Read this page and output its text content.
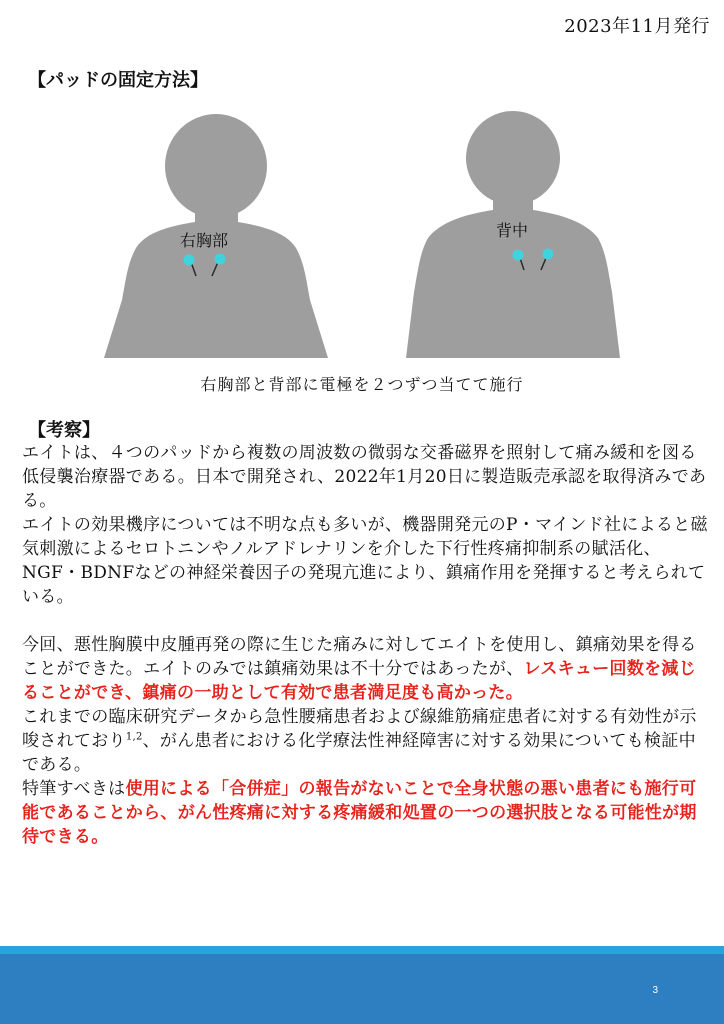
2023年11月発行
【パッドの固定方法】
右胸部
背中
右胸部と背部に電極を２つずつ当てて施行
【考察】

エイトは、４つのパッドから複数の周波数の微弱な交番磁界を照射して痛み緩和を図る低侵襲治療器である。日本で開発され、2022年1月20日に製造販売承認を取得済みである。

エイトの効果機序については不明な点も多いが、機器開発元のP・マインド社によると磁気刺激によるセロトニンやノルアドレナリンを介した下行性疼痛抑制系の賦活化、NGF・BDNFなどの神経栄養因子の発現亢進により、鎮痛作用を発揮すると考えられている。

今回、悪性胸膜中皮腫再発の際に生じた痛みに対してエイトを使用し、鎮痛効果を得ることができた。エイトのみでは鎮痛効果は不十分ではあったが、レスキュー回数を減じることができ、鎮痛の一助として有効で患者満足度も高かった。

これまでの臨床研究データから急性腰痛患者および線維筋痛症患者に対する有効性が示唆されており$^{1,2}$、がん患者における化学療法性神経障害に対する効果についても検証中である。

特筆すべきは使用による「合併症」の報告がないことで全身状態の悪い患者にも施行可能であることから、がん性疼痛に対する疼痛緩和処置の一つの選択肢となる可能性が期待できる。

3
